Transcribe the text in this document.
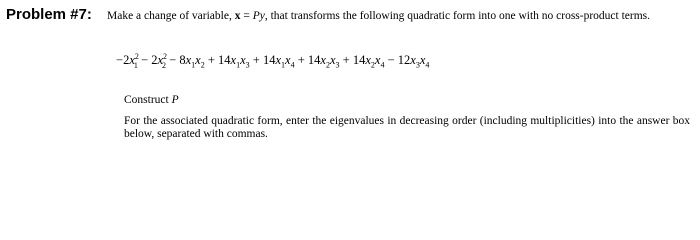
Problem #7: Make a change of variable, x = Py, that transforms the following quadratic form into one with no cross-product terms.
$-2x^2_1 - 2x^2_2 - 8x_1x_2 + 14x_1x_3 + 14x_1x_4 + 14x_2x_3 + 14x_2x_4 - 12x_3x_4$
Construct P
For the associated quadratic form, enter the eigenvalues in decreasing order (including multiplicities) into the answer box below, separated with commas.
